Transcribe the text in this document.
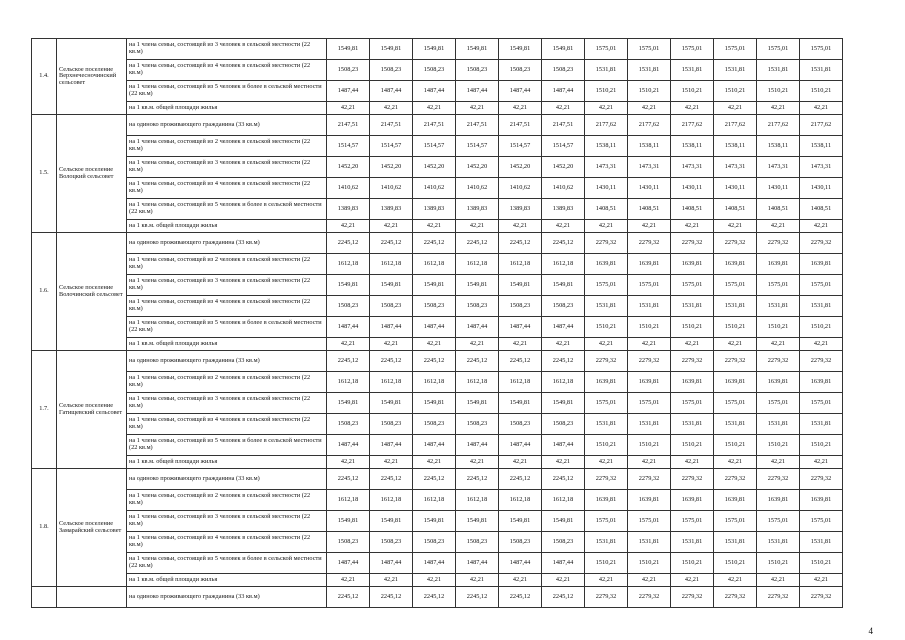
1.4.	Сельское поселение Верхнечесночинский сельсовет	на 1 члена семьи, состоящей из 3 человек в сельской местности (22 кв.м)	1549,81	1549,81	1549,81	1549,81	1549,81	1549,81	1575,01	1575,01	1575,01	1575,01	1575,01	1575,01
		на 1 члена семьи, состоящей из 4 человек в сельской местности (22 кв.м)	1508,23	1508,23	1508,23	1508,23	1508,23	1508,23	1531,81	1531,81	1531,81	1531,81	1531,81	1531,81
		на 1 члена семьи, состоящей из 5 человек и более в сельской местности (22 кв.м)	1487,44	1487,44	1487,44	1487,44	1487,44	1487,44	1510,21	1510,21	1510,21	1510,21	1510,21	1510,21
		на 1 кв.м. общей площади жилья	42,21	42,21	42,21	42,21	42,21	42,21	42,21	42,21	42,21	42,21	42,21	42,21
1.5.	Сельское поселение Волоцкий сельсовет	на одиноко проживающего гражданина (33 кв.м)	2147,51	2147,51	2147,51	2147,51	2147,51	2147,51	2177,62	2177,62	2177,62	2177,62	2177,62	2177,62
		на 1 члена семьи, состоящей из 2 человек в сельской местности (22 кв.м)	1514,57	1514,57	1514,57	1514,57	1514,57	1514,57	1538,11	1538,11	1538,11	1538,11	1538,11	1538,11
		на 1 члена семьи, состоящей из 3 человек в сельской местности (22 кв.м)	1452,20	1452,20	1452,20	1452,20	1452,20	1452,20	1473,31	1473,31	1473,31	1473,31	1473,31	1473,31
		на 1 члена семьи, состоящей из 4 человек в сельской местности (22 кв.м)	1410,62	1410,62	1410,62	1410,62	1410,62	1410,62	1430,11	1430,11	1430,11	1430,11	1430,11	1430,11
		на 1 члена семьи, состоящей из 5 человек и более в сельской местности (22 кв.м)	1389,83	1389,83	1389,83	1389,83	1389,83	1389,83	1408,51	1408,51	1408,51	1408,51	1408,51	1408,51
		на 1 кв.м. общей площади жилья	42,21	42,21	42,21	42,21	42,21	42,21	42,21	42,21	42,21	42,21	42,21	42,21
1.6.	Сельское поселение Волочинский сельсовет	на одиноко проживающего гражданина (33 кв.м)	2245,12	2245,12	2245,12	2245,12	2245,12	2245,12	2279,32	2279,32	2279,32	2279,32	2279,32	2279,32
		на 1 члена семьи, состоящей из 2 человек в сельской местности (22 кв.м)	1612,18	1612,18	1612,18	1612,18	1612,18	1612,18	1639,81	1639,81	1639,81	1639,81	1639,81	1639,81
		на 1 члена семьи, состоящей из 3 человек в сельской местности (22 кв.м)	1549,81	1549,81	1549,81	1549,81	1549,81	1549,81	1575,01	1575,01	1575,01	1575,01	1575,01	1575,01
		на 1 члена семьи, состоящей из 4 человек в сельской местности (22 кв.м)	1508,23	1508,23	1508,23	1508,23	1508,23	1508,23	1531,81	1531,81	1531,81	1531,81	1531,81	1531,81
		на 1 члена семьи, состоящей из 5 человек и более в сельской местности (22 кв.м)	1487,44	1487,44	1487,44	1487,44	1487,44	1487,44	1510,21	1510,21	1510,21	1510,21	1510,21	1510,21
		на 1 кв.м. общей площади жилья	42,21	42,21	42,21	42,21	42,21	42,21	42,21	42,21	42,21	42,21	42,21	42,21
1.7.	Сельское поселение Гатищевский сельсовет	на одиноко проживающего гражданина (33 кв.м)	2245,12	2245,12	2245,12	2245,12	2245,12	2245,12	2279,32	2279,32	2279,32	2279,32	2279,32	2279,32
		на 1 члена семьи, состоящей из 2 человек в сельской местности (22 кв.м)	1612,18	1612,18	1612,18	1612,18	1612,18	1612,18	1639,81	1639,81	1639,81	1639,81	1639,81	1639,81
		на 1 члена семьи, состоящей из 3 человек в сельской местности (22 кв.м)	1549,81	1549,81	1549,81	1549,81	1549,81	1549,81	1575,01	1575,01	1575,01	1575,01	1575,01	1575,01
		на 1 члена семьи, состоящей из 4 человек в сельской местности (22 кв.м)	1508,23	1508,23	1508,23	1508,23	1508,23	1508,23	1531,81	1531,81	1531,81	1531,81	1531,81	1531,81
		на 1 члена семьи, состоящей из 5 человек и более в сельской местности (22 кв.м)	1487,44	1487,44	1487,44	1487,44	1487,44	1487,44	1510,21	1510,21	1510,21	1510,21	1510,21	1510,21
		на 1 кв.м. общей площади жилья	42,21	42,21	42,21	42,21	42,21	42,21	42,21	42,21	42,21	42,21	42,21	42,21
1.8.	Сельское поселение Замарайский сельсовет	на одиноко проживающего гражданина (33 кв.м)	2245,12	2245,12	2245,12	2245,12	2245,12	2245,12	2279,32	2279,32	2279,32	2279,32	2279,32	2279,32
		на 1 члена семьи, состоящей из 2 человек в сельской местности (22 кв.м)	1612,18	1612,18	1612,18	1612,18	1612,18	1612,18	1639,81	1639,81	1639,81	1639,81	1639,81	1639,81
		на 1 члена семьи, состоящей из 3 человек в сельской местности (22 кв.м)	1549,81	1549,81	1549,81	1549,81	1549,81	1549,81	1575,01	1575,01	1575,01	1575,01	1575,01	1575,01
		на 1 члена семьи, состоящей из 4 человек в сельской местности (22 кв.м)	1508,23	1508,23	1508,23	1508,23	1508,23	1508,23	1531,81	1531,81	1531,81	1531,81	1531,81	1531,81
		на 1 члена семьи, состоящей из 5 человек и более в сельской местности (22 кв.м)	1487,44	1487,44	1487,44	1487,44	1487,44	1487,44	1510,21	1510,21	1510,21	1510,21	1510,21	1510,21
		на 1 кв.м. общей площади жилья	42,21	42,21	42,21	42,21	42,21	42,21	42,21	42,21	42,21	42,21	42,21	42,21
		на одиноко проживающего гражданина (33 кв.м)	2245,12	2245,12	2245,12	2245,12	2245,12	2245,12	2279,32	2279,32	2279,32	2279,32	2279,32	2279,32
4
